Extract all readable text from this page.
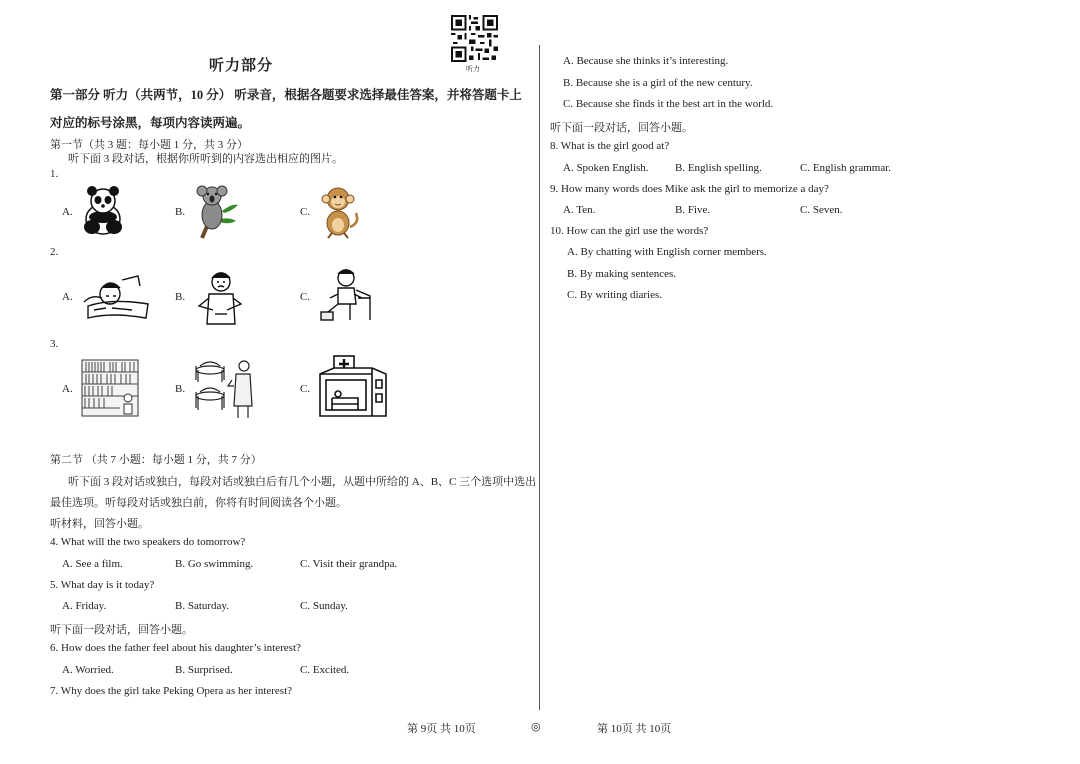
听力
听力部分
第一部分 听力（共两节，10 分） 听录音，根据各题要求选择最佳答案，并将答题卡上
对应的标号涂黑，每项内容读两遍。
第一节（共 3 题：每小题 1 分，共 3 分）
听下面 3 段对话，根据你所听到的内容选出相应的图片。
1.
A.	B.	C.
2.
A.	B.	C.
3.
A.	B.	C.
第二节 （共 7 小题：每小题 1 分，共 7 分）
听下面 3 段对话或独白，每段对话或独白后有几个小题，从题中所给的 A、B、C 三个选项中选出
最佳选项。听每段对话或独白前，你将有时间阅读各个小题。
听材料，回答小题。
4. What will the two speakers do tomorrow?
A. See a film.	B. Go swimming.	C. Visit their grandpa.
5. What day is it today?
A. Friday.	B. Saturday.	C. Sunday.
听下面一段对话，回答小题。
6. How does the father feel about his daughter’s interest?
A. Worried.	B. Surprised.	C. Excited.
7. Why does the girl take Peking Opera as her interest?
A. Because she thinks it’s interesting.
B. Because she is a girl of the new century.
C. Because she finds it the best art in the world.
听下面一段对话，回答小题。
8. What is the girl good at?
A. Spoken English. B. English spelling.	C. English grammar.
9. How many words does Mike ask the girl to memorize a day?
A. Ten.	B. Five.	C. Seven.
10. How can the girl use the words?
A. By chatting with English corner members.
B. By making sentences.
C. By writing diaries.
第 9页 共 10页	◎	第 10页 共 10页
